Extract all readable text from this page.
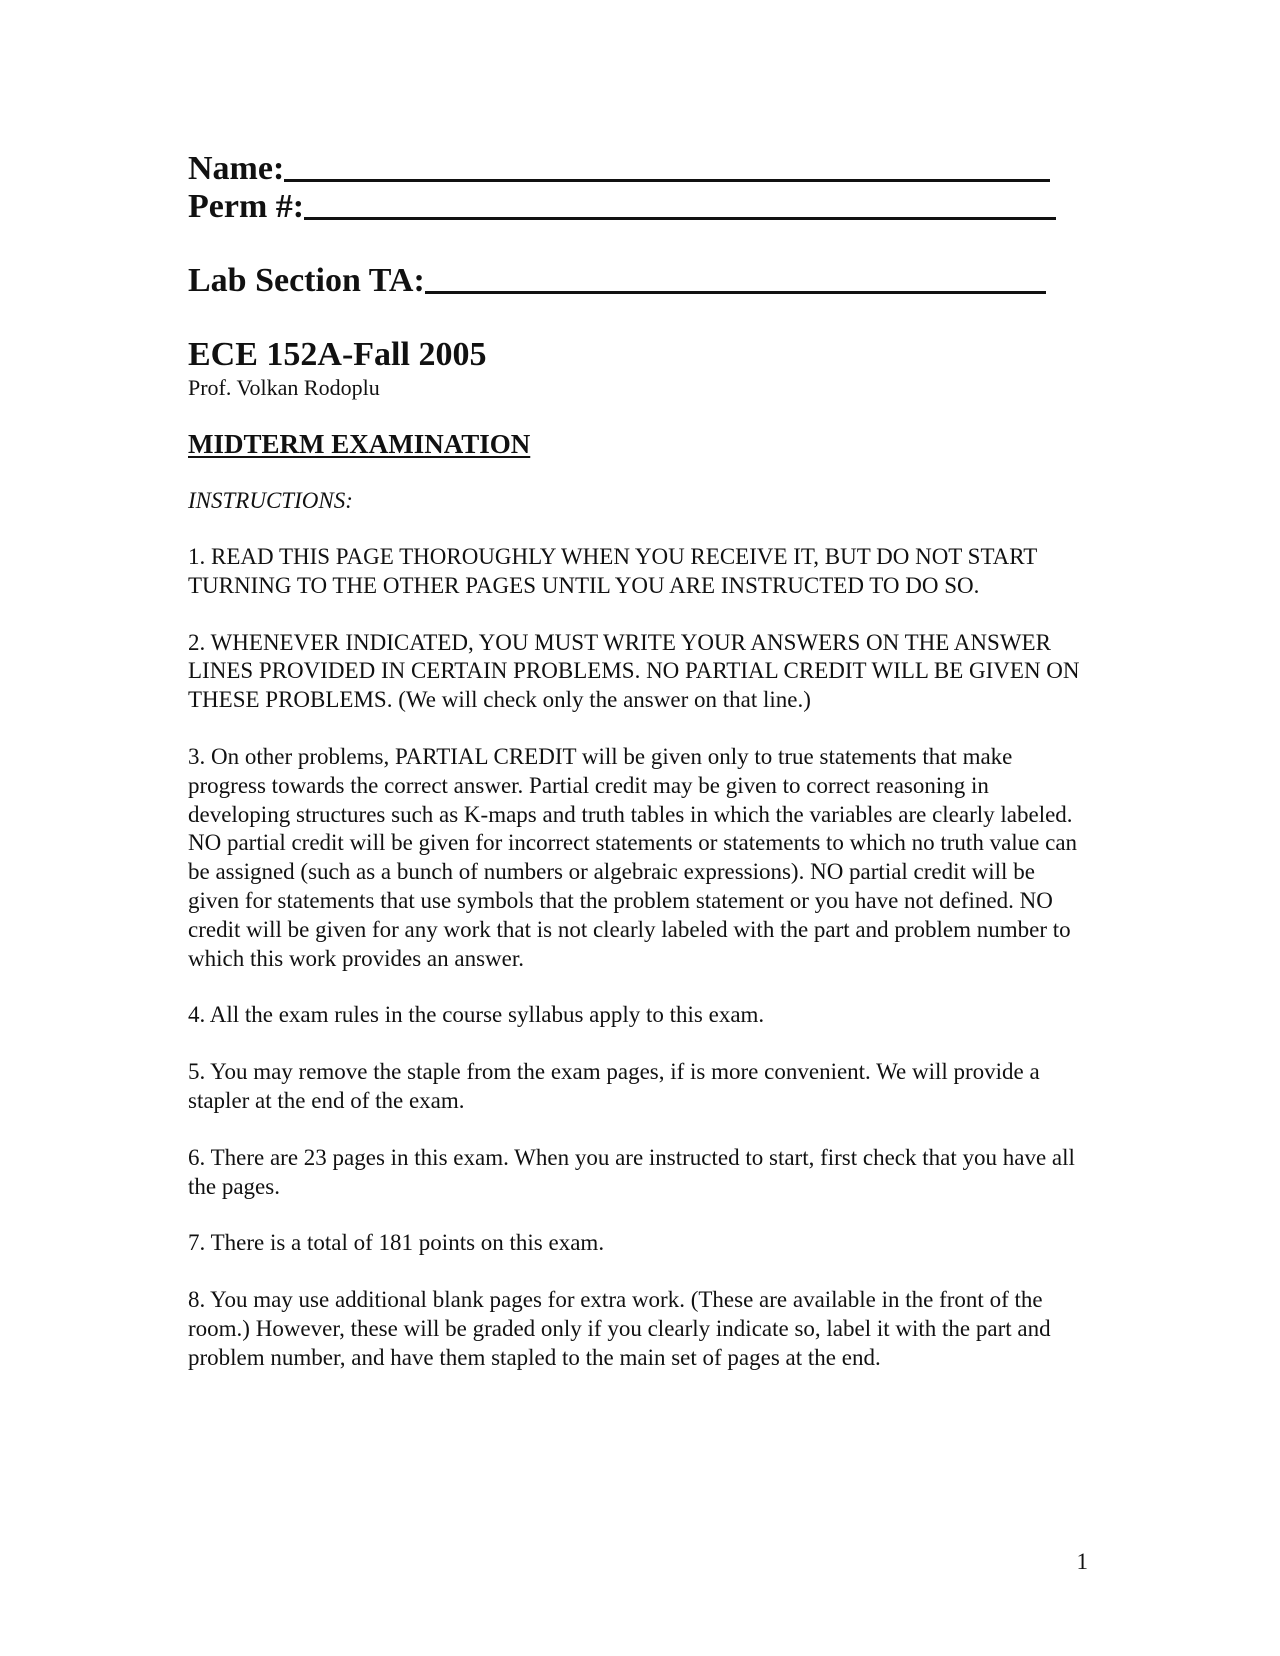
Name:
Perm #:
Lab Section TA:
ECE 152A-Fall 2005
Prof. Volkan Rodoplu
MIDTERM EXAMINATION
INSTRUCTIONS:
1. READ THIS PAGE THOROUGHLY WHEN YOU RECEIVE IT, BUT DO NOT START TURNING TO THE OTHER PAGES UNTIL YOU ARE INSTRUCTED TO DO SO.
2. WHENEVER INDICATED, YOU MUST WRITE YOUR ANSWERS ON THE ANSWER LINES PROVIDED IN CERTAIN PROBLEMS. NO PARTIAL CREDIT WILL BE GIVEN ON THESE PROBLEMS. (We will check only the answer on that line.)
3. On other problems, PARTIAL CREDIT will be given only to true statements that make progress towards the correct answer. Partial credit may be given to correct reasoning in developing structures such as K-maps and truth tables in which the variables are clearly labeled. NO partial credit will be given for incorrect statements or statements to which no truth value can be assigned (such as a bunch of numbers or algebraic expressions). NO partial credit will be given for statements that use symbols that the problem statement or you have not defined. NO credit will be given for any work that is not clearly labeled with the part and problem number to which this work provides an answer.
4. All the exam rules in the course syllabus apply to this exam.
5. You may remove the staple from the exam pages, if is more convenient. We will provide a stapler at the end of the exam.
6. There are 23 pages in this exam. When you are instructed to start, first check that you have all the pages.
7. There is a total of 181 points on this exam.
8. You may use additional blank pages for extra work. (These are available in the front of the room.) However, these will be graded only if you clearly indicate so, label it with the part and problem number, and have them stapled to the main set of pages at the end.
1
